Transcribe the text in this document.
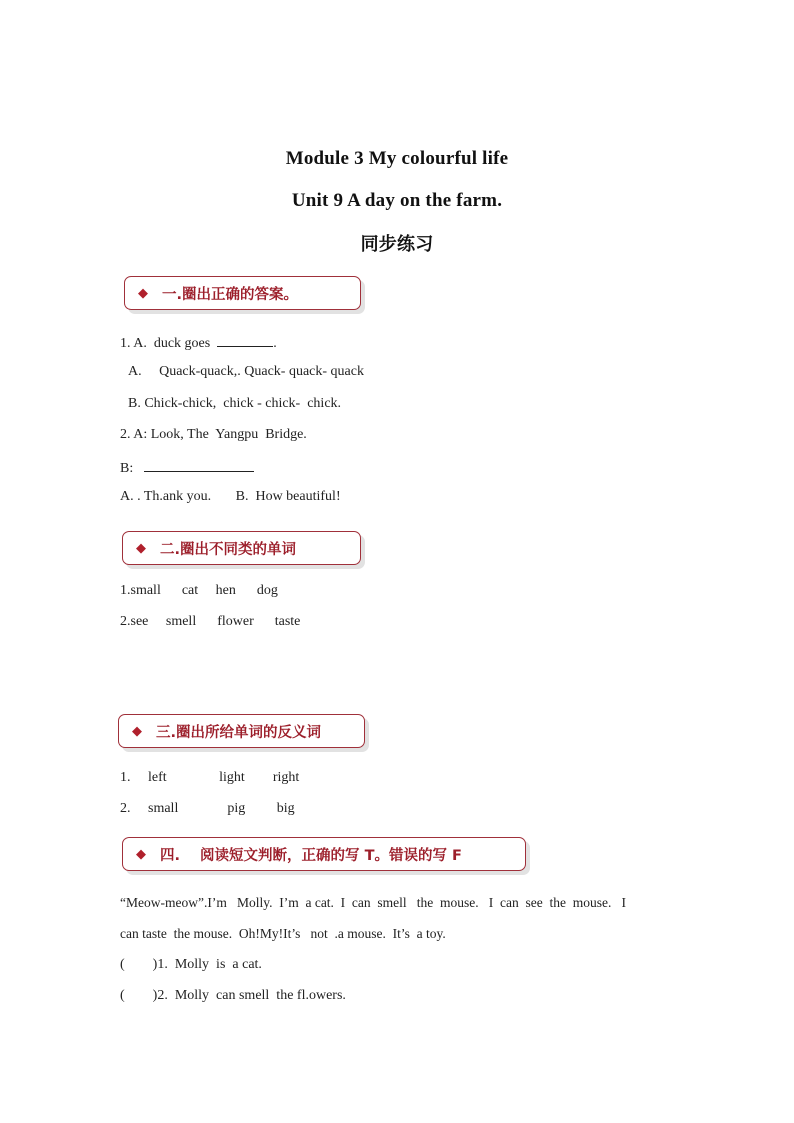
Module 3 My colourful life
Unit 9 A day on the farm.
同步练习
◆ 一. 圈出正确的答案。
1. A.  duck goes	.
A.     Quack-quack,. Quack- quack- quack
B. Chick-chick,  chick - chick-  chick.
2. A: Look, The  Yangpu  Bridge.
B:
A. . Th.ank you.       B.  How beautiful!
◆ 二. 圈出不同类的单词
1.small      cat     hen      dog
2.see     smell      flower      taste
◆ 三. 圈出所给单词的反义词
1.     left               light        right
2.     small              pig         big
◆ 四. 阅读短文判断，正确的写 T。错误的写 F
“Meow-meow”.I’m   Molly.  I’m  a cat.  I  can  smell   the  mouse.   I  can  see  the  mouse.   I
can taste  the mouse.  Oh!My!It’s   not  .a mouse.  It’s  a toy.
(        )1.  Molly  is  a cat.
(        )2.  Molly  can smell  the fl.owers.
